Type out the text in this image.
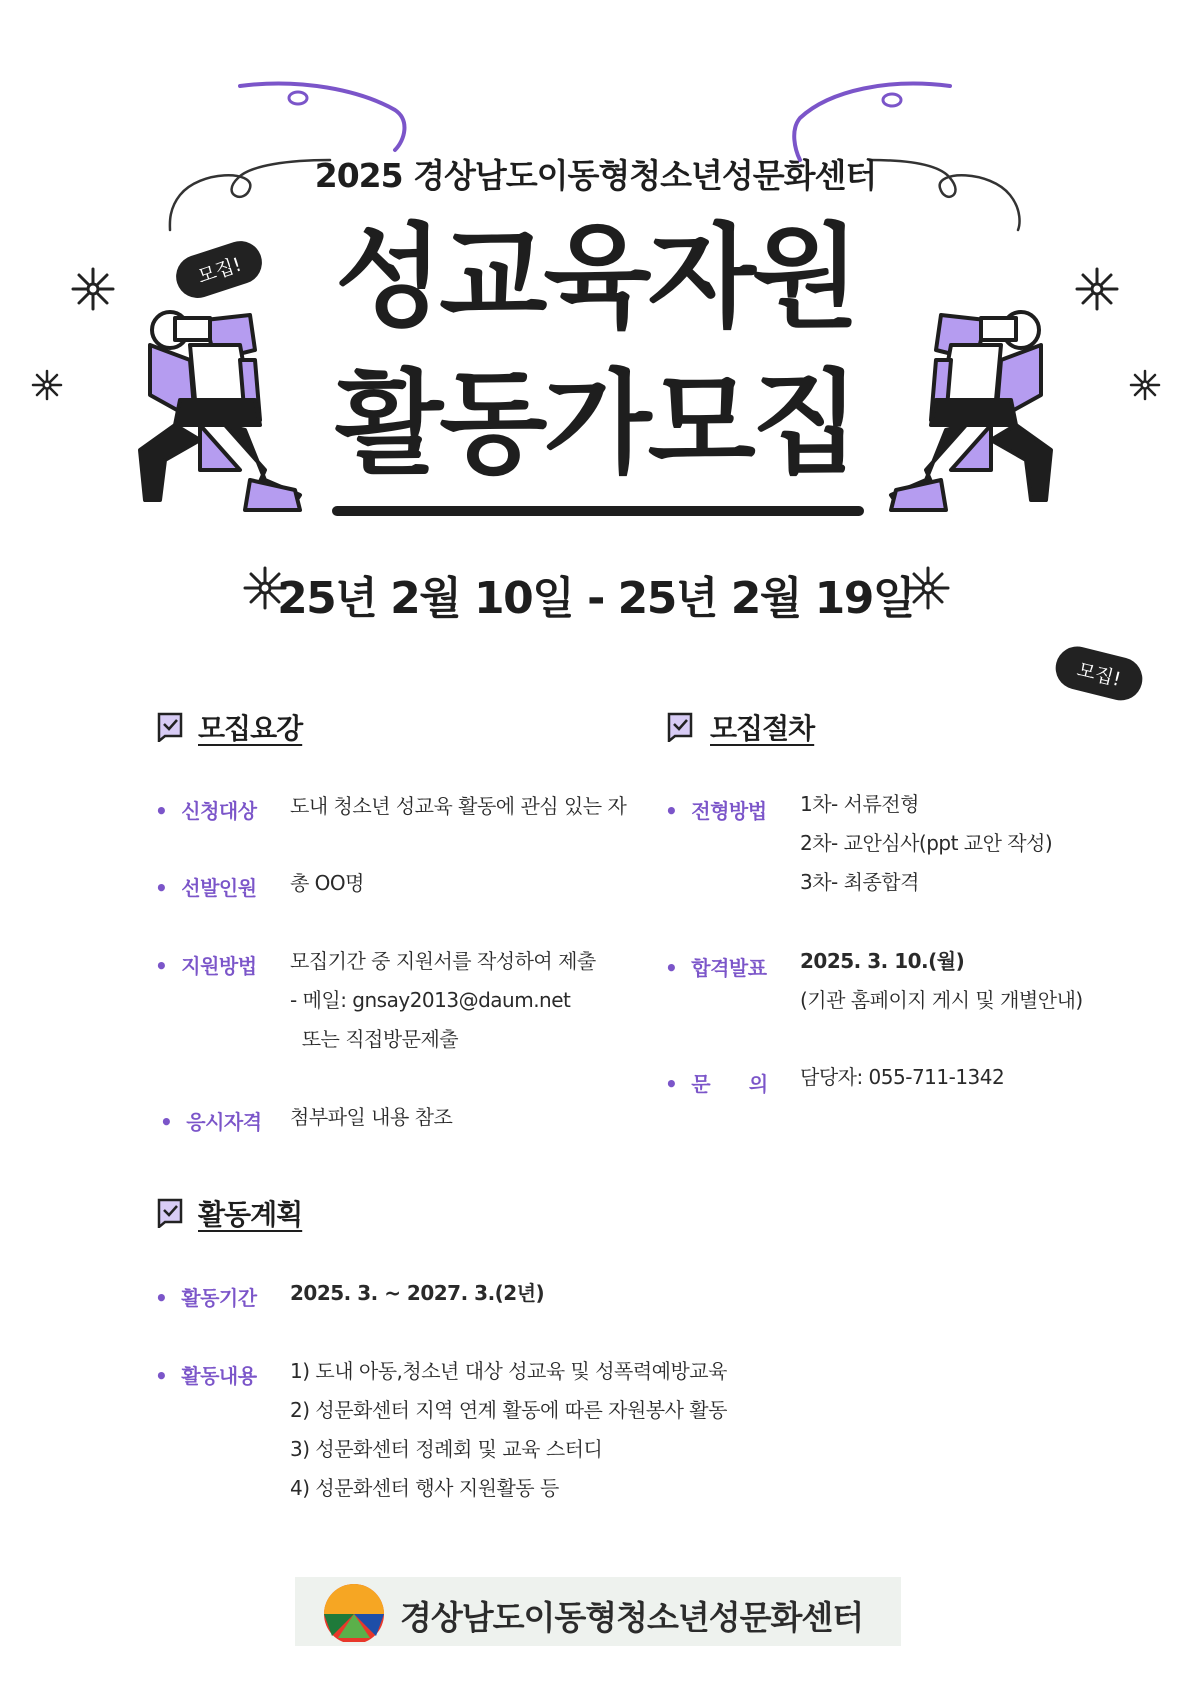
2025 경상남도이동형청소년성문화센터
성교육자원
활동가모집
25년 2월 10일 - 25년 2월 19일
모집!
모집!
모집요강
• 신청대상 도내 청소년 성교육 활동에 관심 있는 자
• 선발인원 총 OO명
• 지원방법 모집기간 중 지원서를 작성하여 제출
- 메일: gnsay2013@daum.net
또는 직접방문제출
• 응시자격 첨부파일 내용 참조
모집절차
• 전형방법 1차- 서류전형
2차- 교안심사(ppt 교안 작성)
3차- 최종합격
• 합격발표 2025. 3. 10.(월)
(기관 홈페이지 게시 및 개별안내)
• 문      의 담당자: 055-711-1342
활동계획
• 활동기간 2025. 3. ~ 2027. 3.(2년)
• 활동내용 1) 도내 아동,청소년 대상 성교육 및 성폭력예방교육
2) 성문화센터 지역 연계 활동에 따른 자원봉사 활동
3) 성문화센터 정례회 및 교육 스터디
4) 성문화센터 행사 지원활동 등
경상남도이동형청소년성문화센터
